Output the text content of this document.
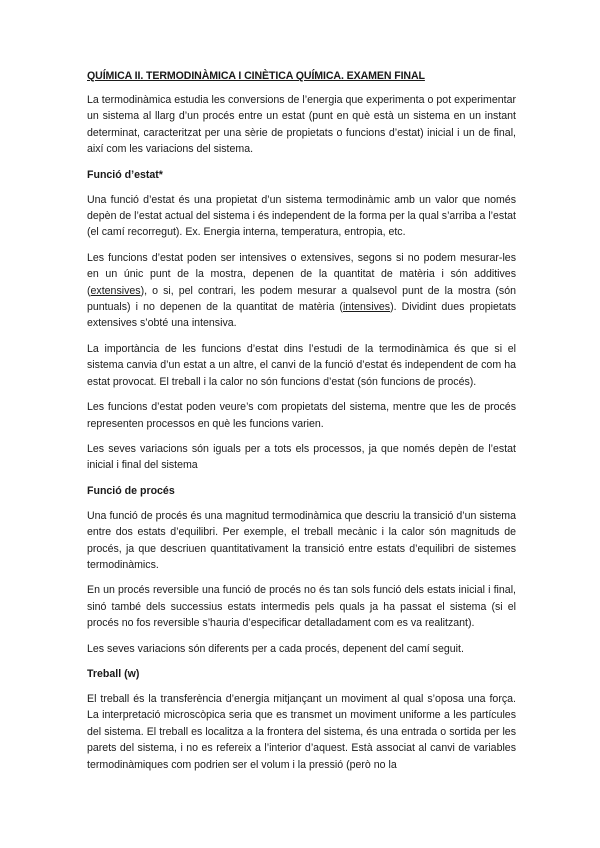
QUÍMICA II. TERMODINÀMICA I CINÈTICA QUÍMICA. EXAMEN FINAL

La termodinàmica estudia les conversions de l’energia que experimenta o pot experimentar un sistema al llarg d’un procés entre un estat (punt en què està un sistema en un instant determinat, caracteritzat per una sèrie de propietats o funcions d’estat) inicial i un de final, així com les variacions del sistema.

Funció d’estat*

Una funció d’estat és una propietat d’un sistema termodinàmic amb un valor que només depèn de l’estat actual del sistema i és independent de la forma per la qual s’arriba a l’estat (el camí recorregut). Ex. Energia interna, temperatura, entropia, etc.

Les funcions d’estat poden ser intensives o extensives, segons si no podem mesurar-les en un únic punt de la mostra, depenen de la quantitat de matèria i són additives (extensives), o si, pel contrari, les podem mesurar a qualsevol punt de la mostra (són puntuals) i no depenen de la quantitat de matèria (intensives). Dividint dues propietats extensives s’obté una intensiva.

La importància de les funcions d’estat dins l’estudi de la termodinàmica és que si el sistema canvia d’un estat a un altre, el canvi de la funció d’estat és independent de com ha estat provocat. El treball i la calor no són funcions d’estat (són funcions de procés).

Les funcions d’estat poden veure’s com propietats del sistema, mentre que les de procés representen processos en què les funcions varien.

Les seves variacions són iguals per a tots els processos, ja que només depèn de l’estat inicial i final del sistema

Funció de procés

Una funció de procés és una magnitud termodinàmica que descriu la transició d’un sistema entre dos estats d’equilibri. Per exemple, el treball mecànic i la calor són magnituds de procés, ja que descriuen quantitativament la transició entre estats d’equilibri de sistemes termodinàmics.

En un procés reversible una funció de procés no és tan sols funció dels estats inicial i final, sinó també dels successius estats intermedis pels quals ja ha passat el sistema (si el procés no fos reversible s’hauria d’especificar detalladament com es va realitzant).

Les seves variacions són diferents per a cada procés, depenent del camí seguit.

Treball (w)

El treball és la transferència d’energia mitjançant un moviment al qual s’oposa una força. La interpretació microscòpica seria que es transmet un moviment uniforme a les partícules del sistema. El treball es localitza a la frontera del sistema, és una entrada o sortida per les parets del sistema, i no es refereix a l’interior d’aquest. Està associat al canvi de variables termodinàmiques com podrien ser el volum i la pressió (però no la
